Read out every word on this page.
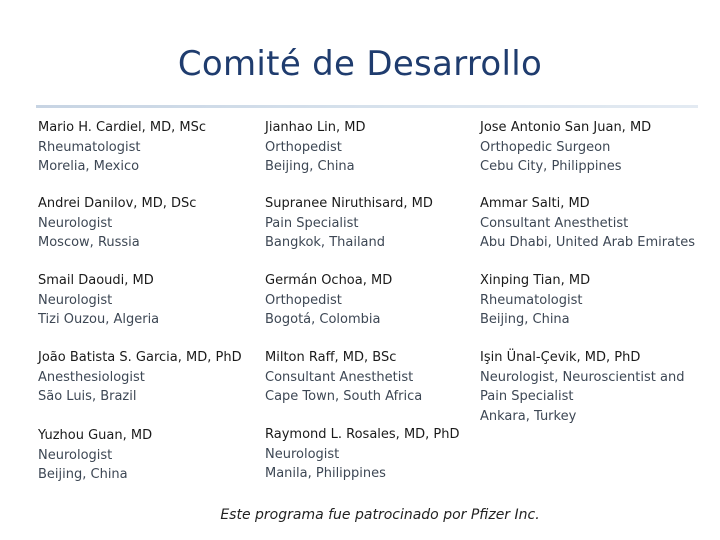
Comité de Desarrollo
Mario H. Cardiel, MD, MSc
Rheumatologist
Morelia, Mexico
Jianhao Lin, MD
Orthopedist
Beijing, China
Jose Antonio San Juan, MD
Orthopedic Surgeon
Cebu City, Philippines
Andrei Danilov, MD, DSc
Neurologist
Moscow, Russia
Supranee Niruthisard, MD
Pain Specialist
Bangkok, Thailand
Ammar Salti, MD
Consultant Anesthetist
Abu Dhabi, United Arab Emirates
Smail Daoudi, MD
Neurologist
Tizi Ouzou, Algeria
Germán Ochoa, MD
Orthopedist
Bogotá, Colombia
Xinping Tian, MD
Rheumatologist
Beijing, China
João Batista S. Garcia, MD, PhD
Anesthesiologist
São Luis, Brazil
Milton Raff, MD, BSc
Consultant Anesthetist
Cape Town, South Africa
Işin Ünal-Çevik, MD, PhD
Neurologist, Neuroscientist and Pain Specialist
Ankara, Turkey
Yuzhou Guan, MD
Neurologist
Beijing, China
Raymond L. Rosales, MD, PhD
Neurologist
Manila, Philippines
Este programa fue patrocinado por Pfizer Inc.
